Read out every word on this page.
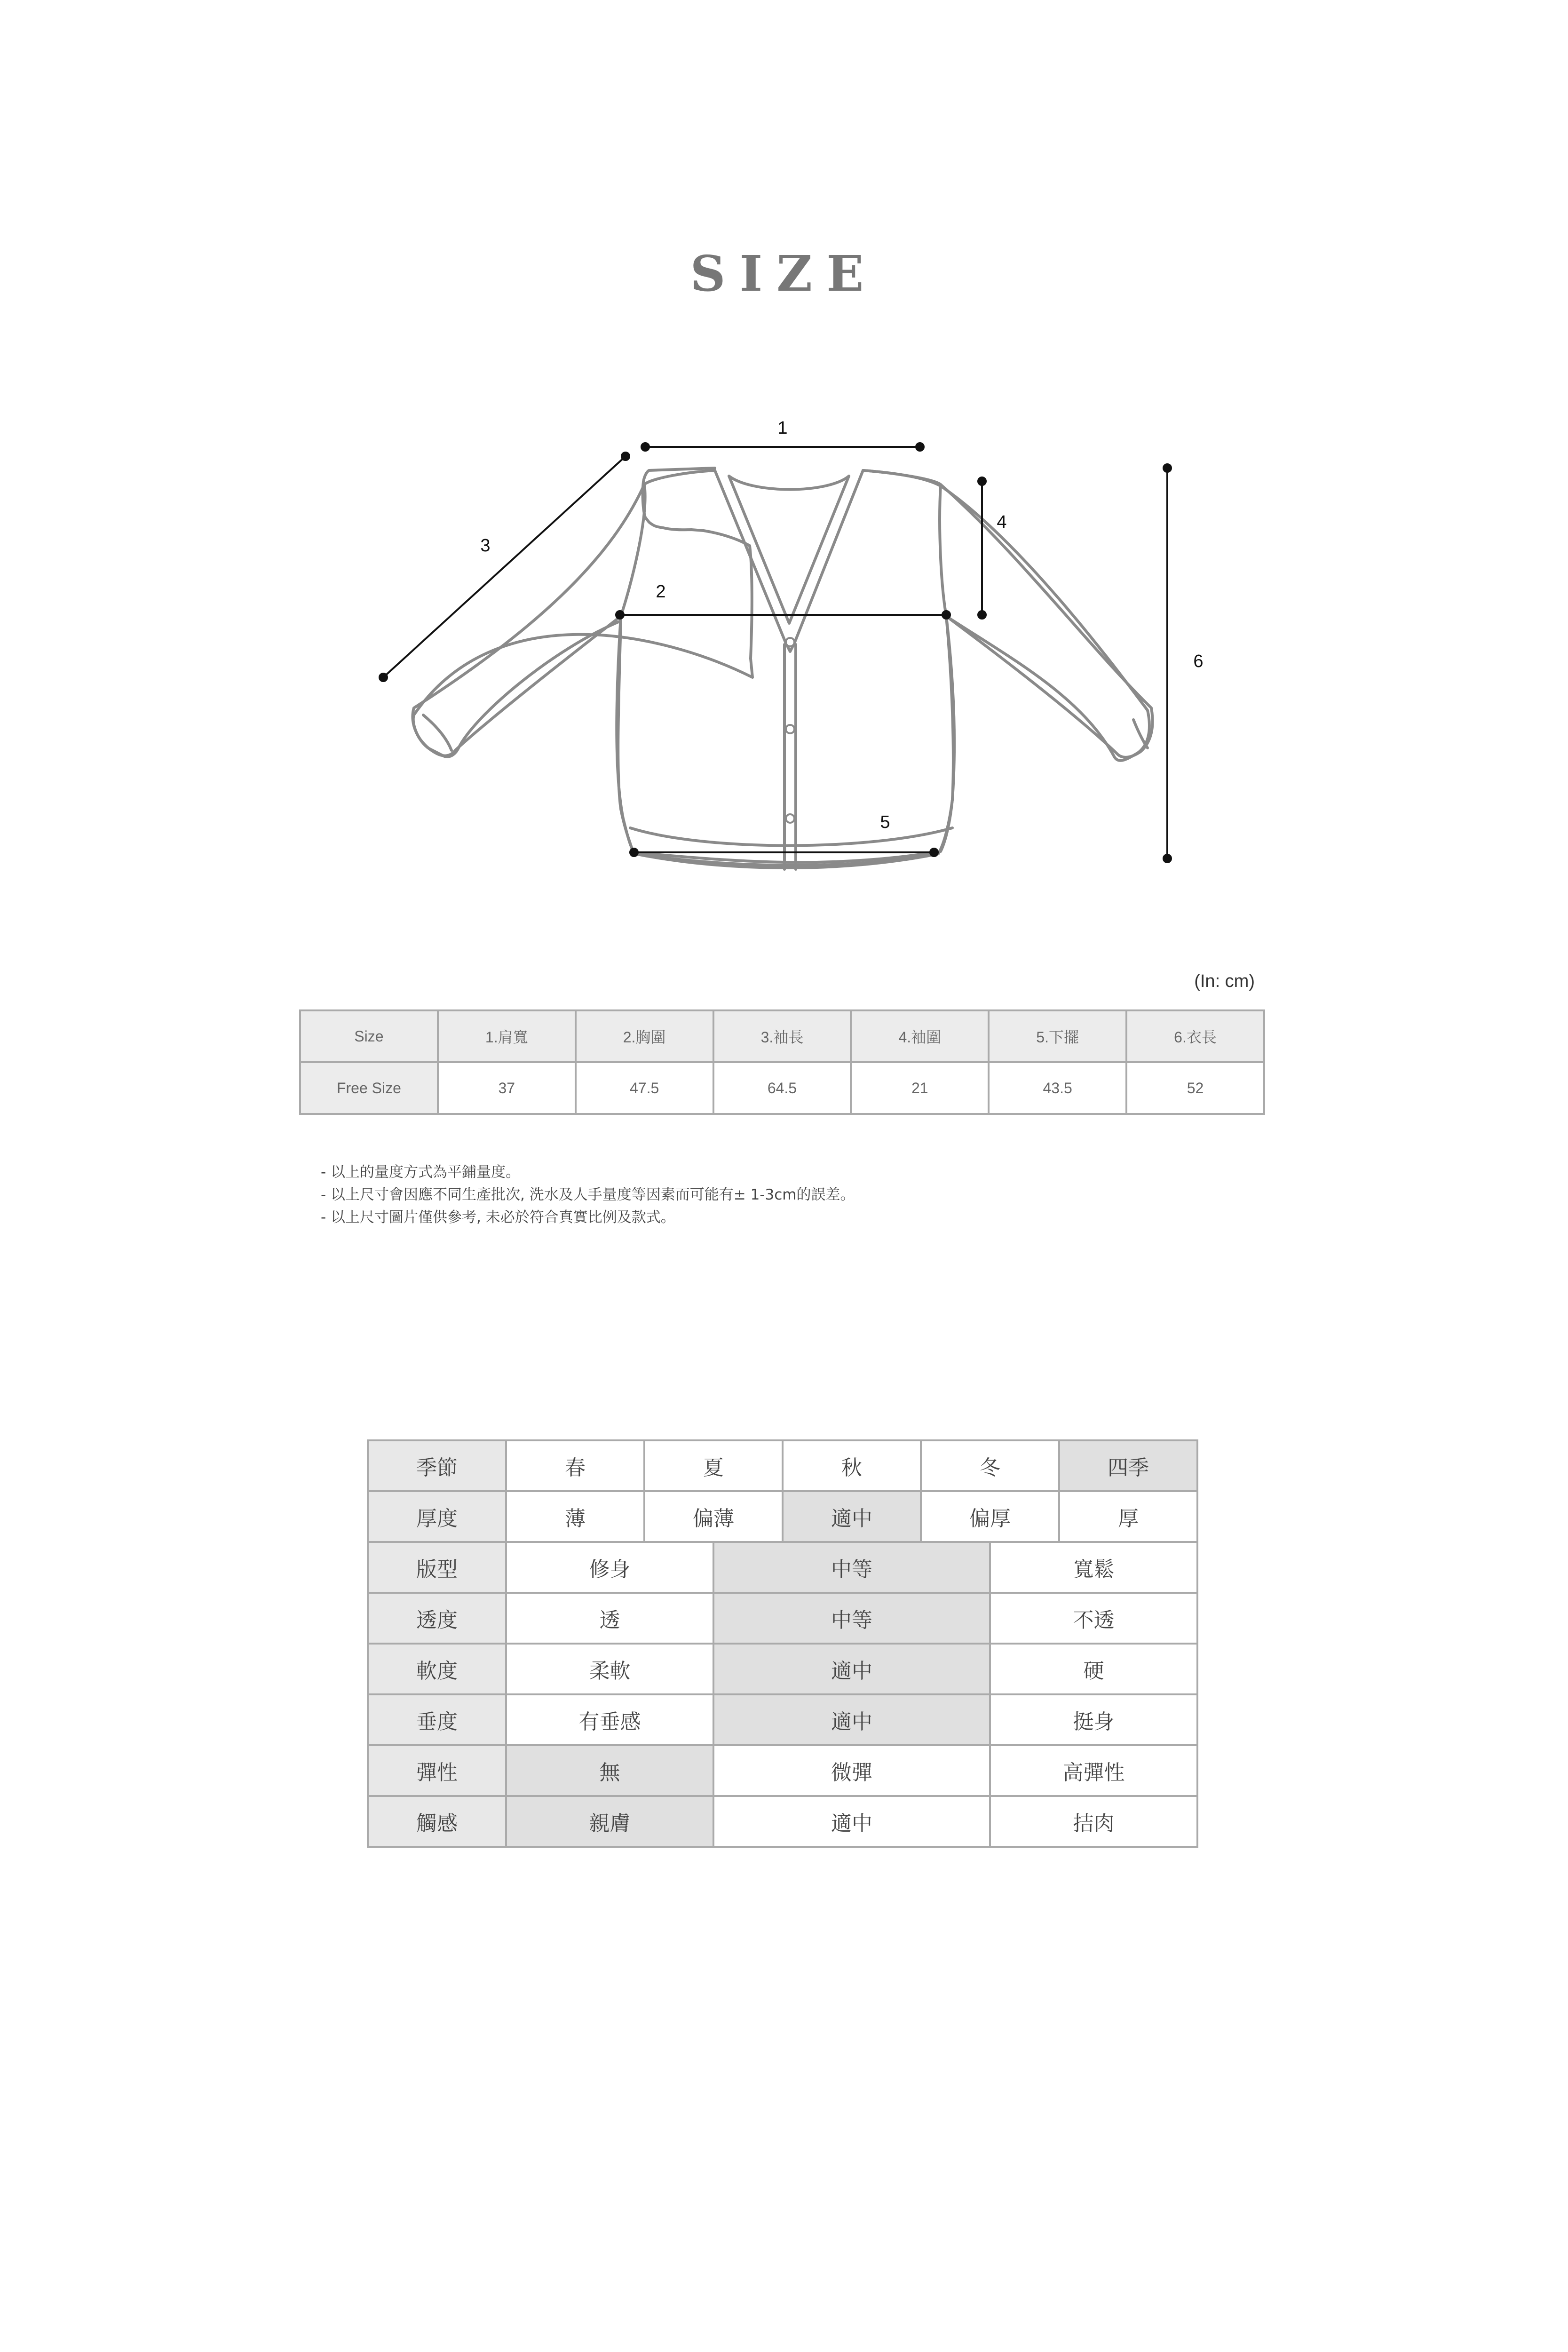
SIZE
1
2
3
4
5
6
(In: cm)
Size	1.肩寬	2.胸圍	3.袖長	4.袖圍	5.下擺	6.衣長
Free Size	37	47.5	64.5	21	43.5	52
- 以上的量度方式為平鋪量度。
- 以上尺寸會因應不同生產批次, 洗水及人手量度等因素而可能有± 1-3cm的誤差。
- 以上尺寸圖片僅供參考, 未必於符合真實比例及款式。
季節	春	夏		秋	冬		四季
厚度	薄	偏薄		適中	偏厚		厚
版型	修身		中等			寬鬆	
透度	透		中等			不透	
軟度	柔軟		適中			硬	
垂度	有垂感		適中			挺身	
彈性	無		微彈			高彈性	
觸感	親膚		適中			拮肉	
